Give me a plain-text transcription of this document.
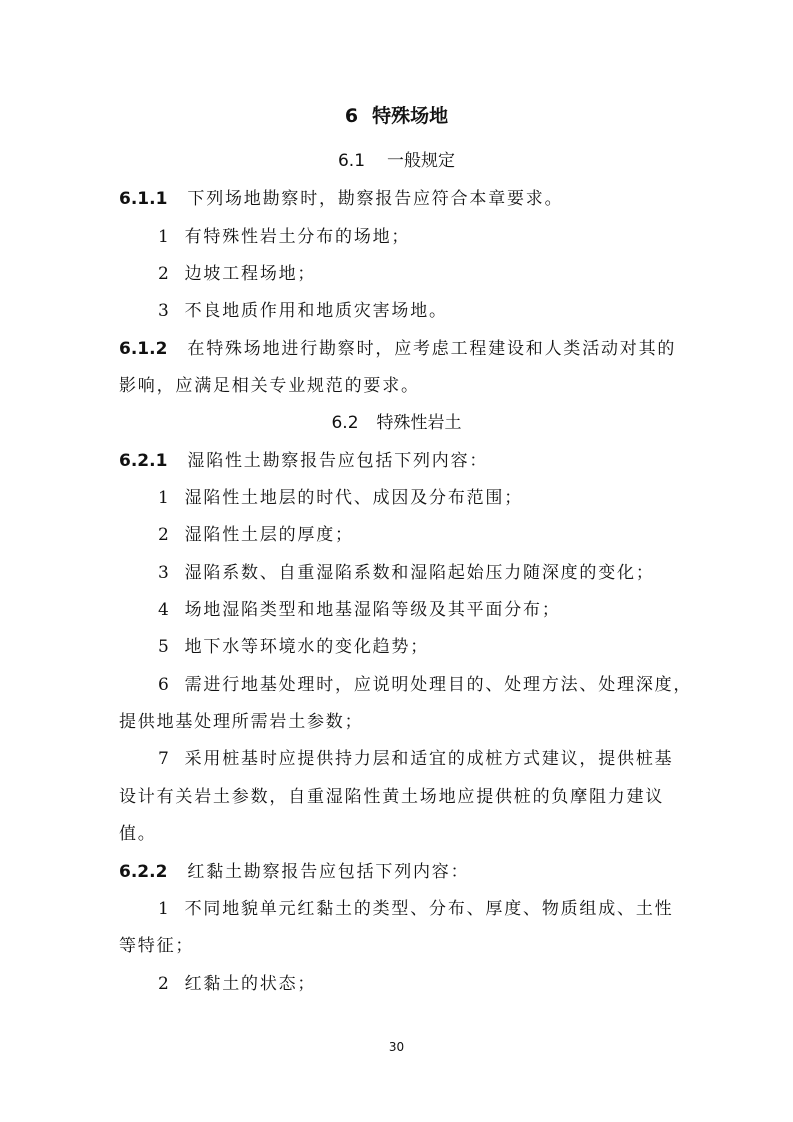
6 特殊场地
6.1 一般规定
6.1.1 下列场地勘察时，勘察报告应符合本章要求。
1 有特殊性岩土分布的场地；
2 边坡工程场地；
3 不良地质作用和地质灾害场地。
6.1.2 在特殊场地进行勘察时，应考虑工程建设和人类活动对其的
影响，应满足相关专业规范的要求。
6.2 特殊性岩土
6.2.1 湿陷性土勘察报告应包括下列内容：
1 湿陷性土地层的时代、成因及分布范围；
2 湿陷性土层的厚度；
3 湿陷系数、自重湿陷系数和湿陷起始压力随深度的变化；
4 场地湿陷类型和地基湿陷等级及其平面分布；
5 地下水等环境水的变化趋势；
6 需进行地基处理时，应说明处理目的、处理方法、处理深度，
提供地基处理所需岩土参数；
7 采用桩基时应提供持力层和适宜的成桩方式建议，提供桩基
设计有关岩土参数，自重湿陷性黄土场地应提供桩的负摩阻力建议
值。
6.2.2 红黏土勘察报告应包括下列内容：
1 不同地貌单元红黏土的类型、分布、厚度、物质组成、土性
等特征；
2 红黏土的状态；
30
